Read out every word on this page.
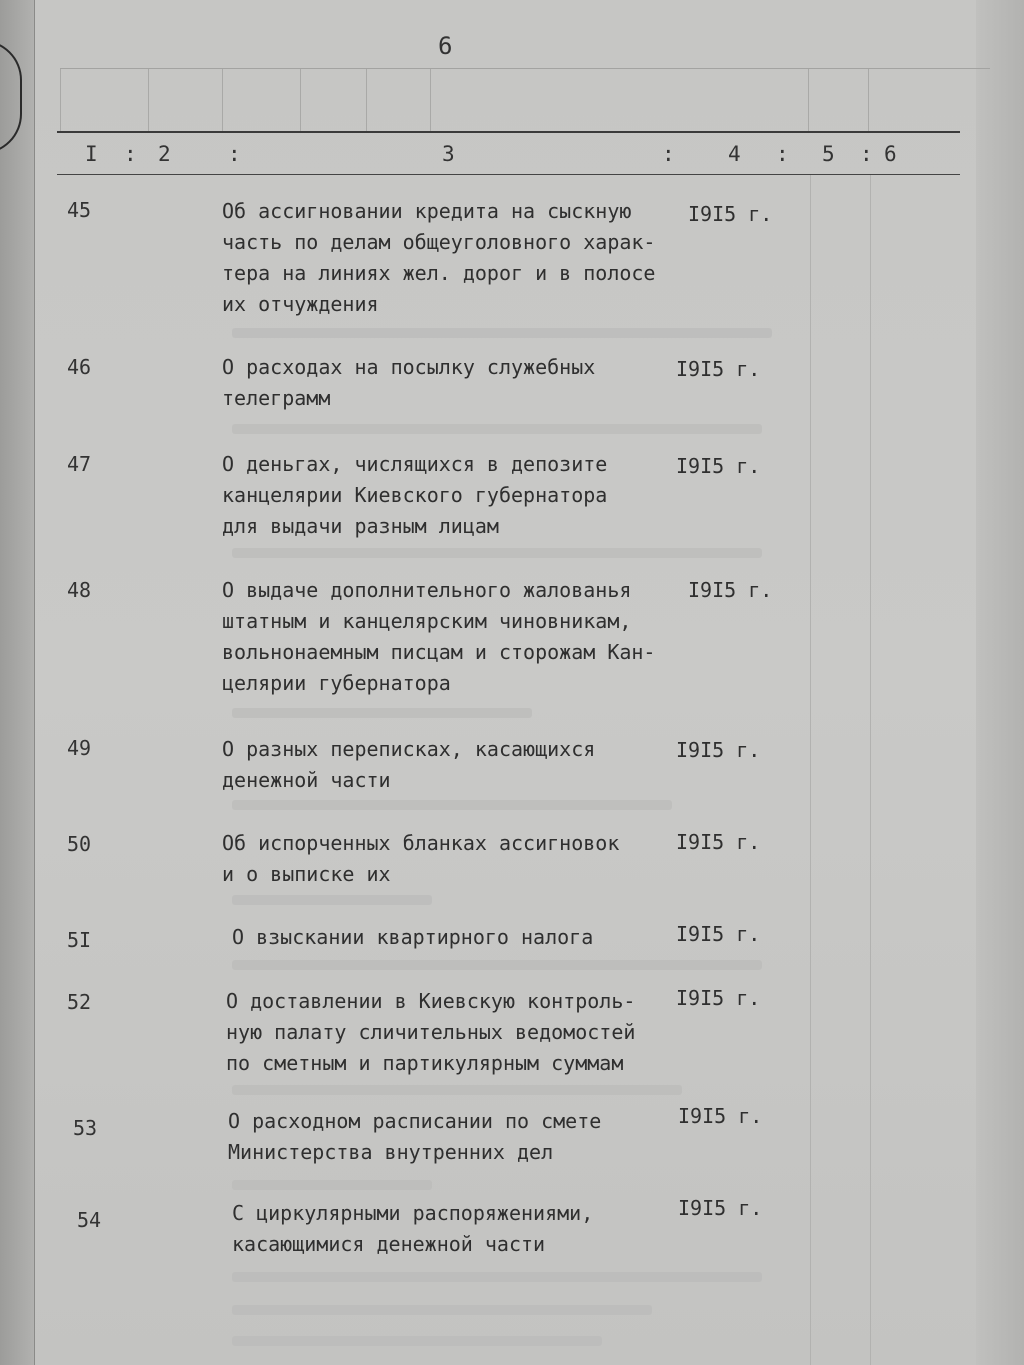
6
I : 2	:	3	:	4 : 5 : 6
45	Об ассигновании кредита на сыскную
часть по делам общеуголовного харак-
тера на линиях жел. дорог и в полосе
их отчуждения
I9I5 г.
46	О расходах на посылку служебных
телеграмм
I9I5 г.
47	О деньгах, числящихся в депозите
канцелярии Киевского губернатора
для выдачи разным лицам
I9I5 г.
48	О выдаче дополнительного жалованья
штатным и канцелярским чиновникам,
вольнонаемным писцам и сторожам Кан-
целярии губернатора
I9I5 г.
49	О разных переписках, касающихся
денежной части
I9I5 г.
50	Об испорченных бланках ассигновок
и о выписке их
I9I5 г.
5I	О взыскании квартирного налога	I9I5 г.
52	О доставлении в Киевскую контроль-
ную палату сличительных ведомостей
по сметным и партикулярным суммам
I9I5 г.
53	О расходном расписании по смете
Министерства внутренних дел
I9I5 г.
54	С циркулярными распоряжениями,
касающимися денежной части
I9I5 г.
